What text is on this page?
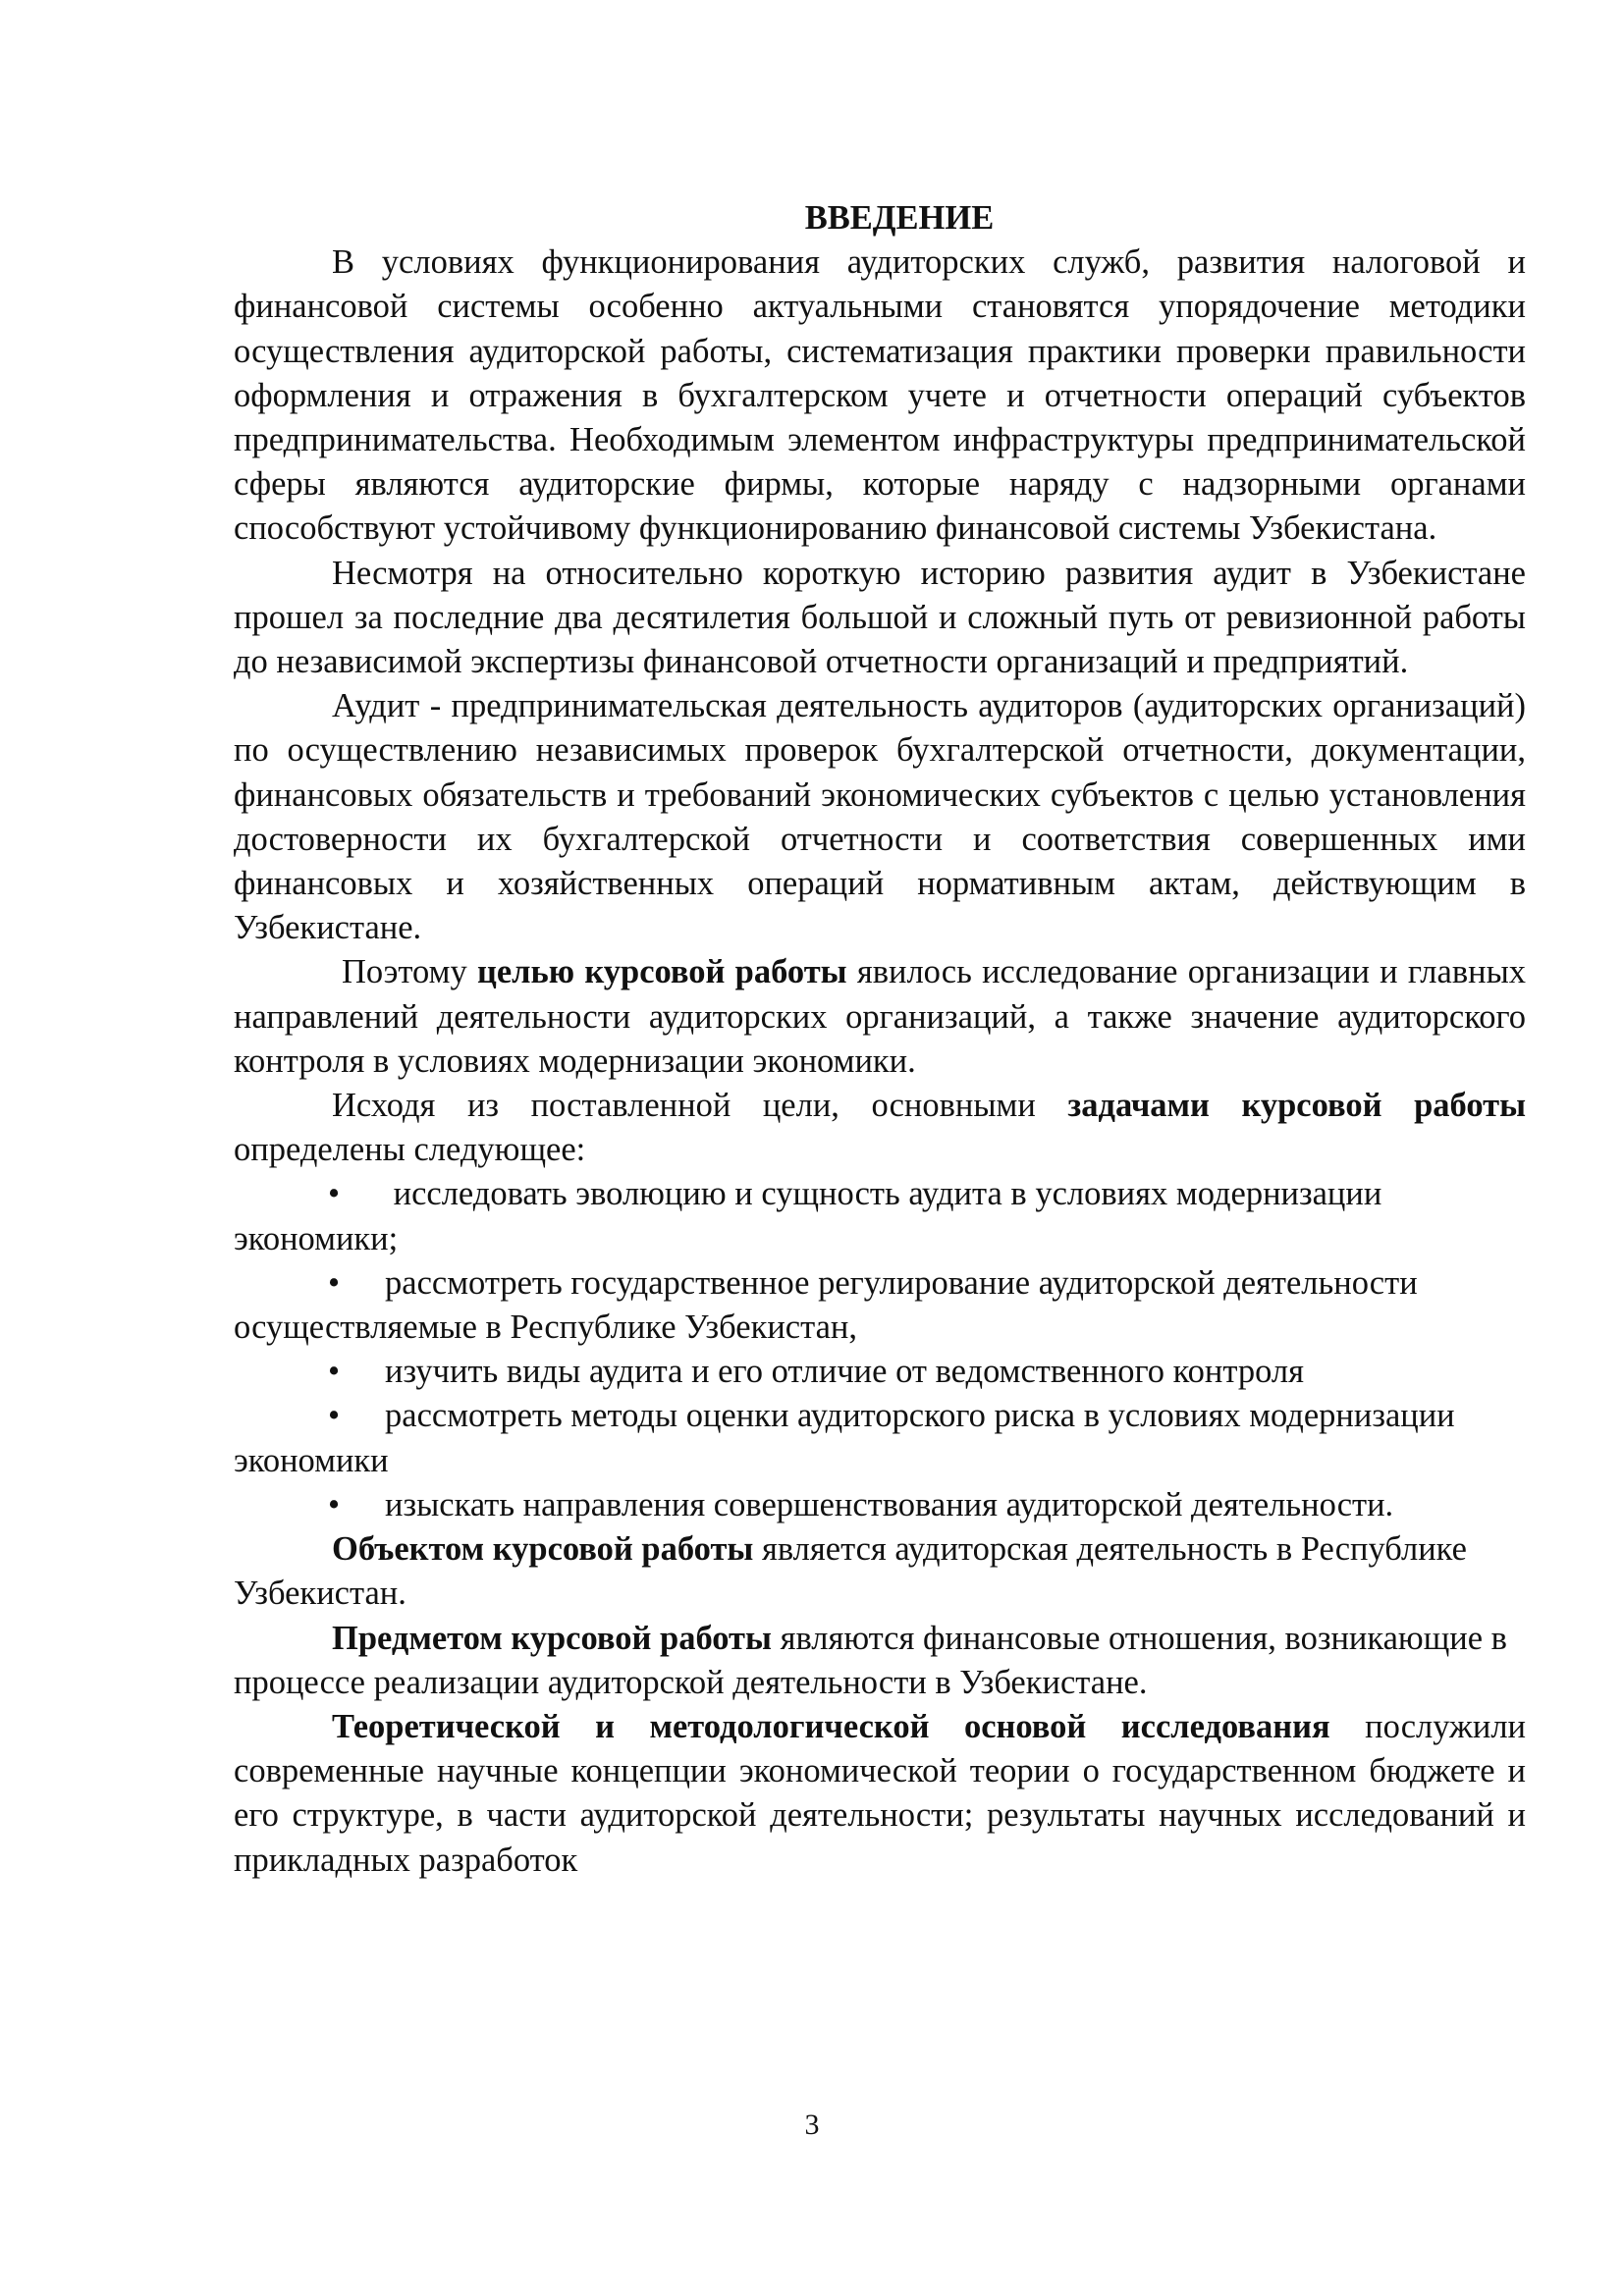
ВВЕДЕНИЕ

В условиях функционирования аудиторских служб, развития налоговой и финансовой системы особенно актуальными становятся упорядочение методики осуществления аудиторской работы, систематизация практики проверки правильности оформления и отражения в бухгалтерском учете и отчетности операций субъектов предпринимательства. Необходимым элементом инфраструктуры предпринимательской сферы являются аудиторские фирмы, которые наряду с надзорными органами способствуют устойчивому функционированию финансовой системы Узбекистана.

Несмотря на относительно короткую историю развития аудит в Узбекистане прошел за последние два десятилетия большой и сложный путь от ревизионной работы до независимой экспертизы финансовой отчетности организаций и предприятий.

Аудит - предпринимательская деятельность аудиторов (аудиторских организаций) по осуществлению независимых проверок бухгалтерской отчетности, документации, финансовых обязательств и требований экономических субъектов с целью установления достоверности их бухгалтерской отчетности и соответствия совершенных ими финансовых и хозяйственных операций нормативным актам, действующим в Узбекистане.

Поэтому целью курсовой работы явилось исследование организации и главных направлений деятельности аудиторских организаций, а также значение аудиторского контроля в условиях модернизации экономики.

Исходя из поставленной цели, основными задачами курсовой работы определены следующее:

• исследовать эволюцию и сущность аудита в условиях модернизации экономики;

• рассмотреть государственное регулирование аудиторской деятельности осуществляемые в Республике Узбекистан,

• изучить виды аудита и его отличие от ведомственного контроля

• рассмотреть методы оценки аудиторского риска в условиях модернизации экономики

• изыскать направления совершенствования аудиторской деятельности.

Объектом курсовой работы является аудиторская деятельность в Республике Узбекистан.

Предметом курсовой работы являются финансовые отношения, возникающие в процессе реализации аудиторской деятельности в Узбекистане.

Теоретической и методологической основой исследования послужили современные научные концепции экономической теории о государственном бюджете и его структуре, в части аудиторской деятельности; результаты научных исследований и прикладных разработок

3
